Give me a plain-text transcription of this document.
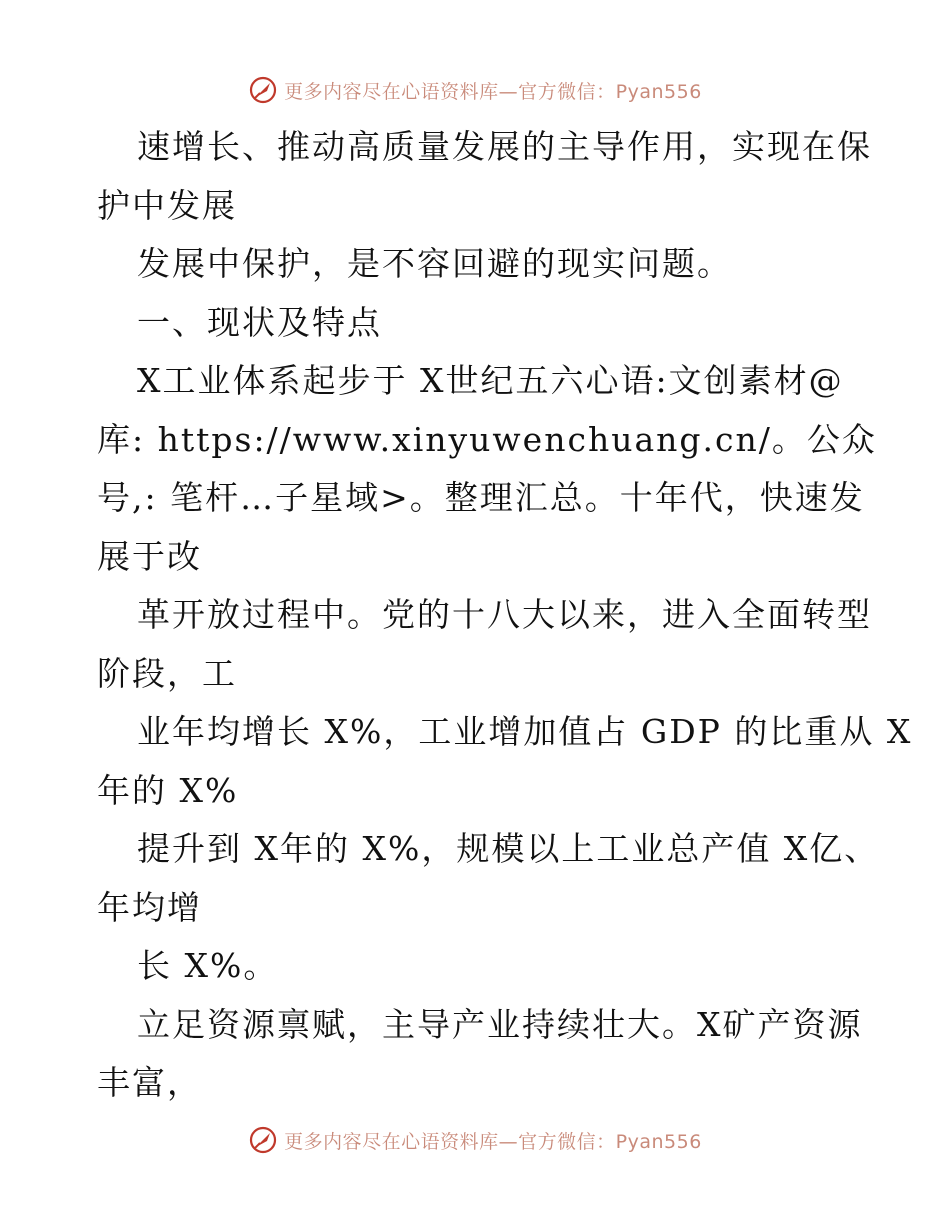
更多内容尽在心语资料库—官方微信：Pyan556
速增长、推动高质量发展的主导作用，实现在保
护中发展
发展中保护，是不容回避的现实问题。
一、现状及特点
X工业体系起步于 X世纪五六心语:文创素材@
库: https://www.xinyuwenchuang.cn/。公众
号,: 笔杆…子星域>。整理汇总。十年代，快速发
展于改
革开放过程中。党的十八大以来，进入全面转型
阶段，工
业年均增长 X%，工业增加值占 GDP 的比重从 X
年的 X%
提升到 X年的 X%，规模以上工业总产值 X亿、
年均增
长 X%。
立足资源禀赋，主导产业持续壮大。X矿产资源
丰富，
更多内容尽在心语资料库—官方微信：Pyan556
